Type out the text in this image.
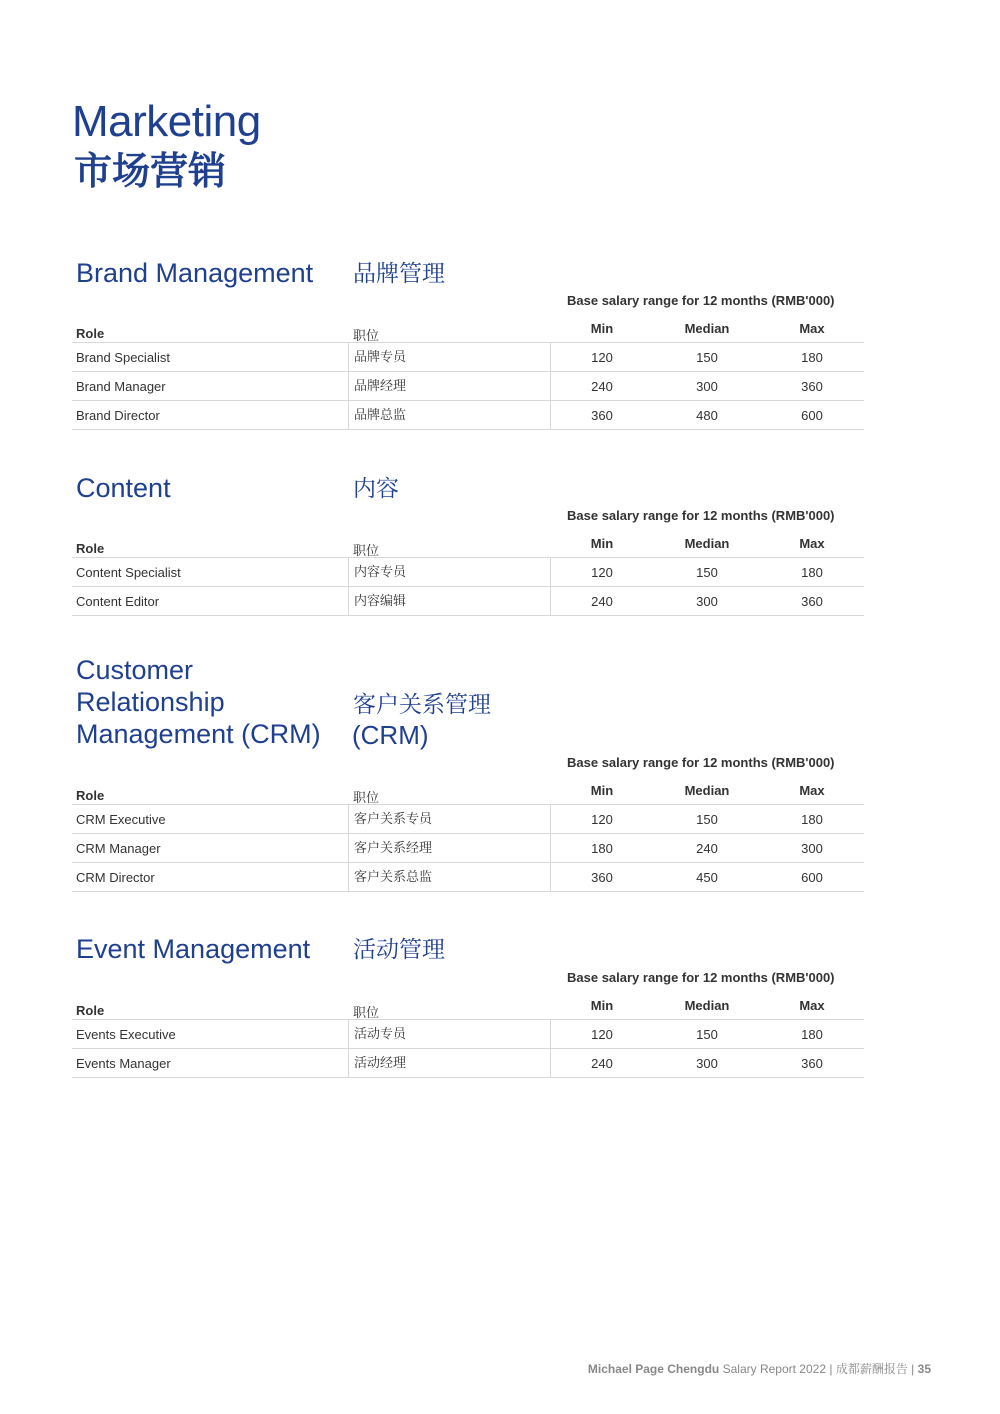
Marketing
市场营销
Brand Management 品牌管理
Base salary range for 12 months (RMB'000)
Role	职位	Min	Median	Max
Brand Specialist	品牌专员	120	150	180
Brand Manager	品牌经理	240	300	360
Brand Director	品牌总监	360	480	600
Content	内容
Base salary range for 12 months (RMB'000)
Role	职位	Min	Median	Max
Content Specialist	内容专员	120	150	180
Content Editor	内容编辑	240	300	360
Customer
Relationship
Management (CRM)
客户关系管理
(CRM)
Base salary range for 12 months (RMB'000)
Role	职位	Min	Median	Max
CRM Executive	客户关系专员	120	150	180
CRM Manager	客户关系经理	180	240	300
CRM Director	客户关系总监	360	450	600
Event Management 活动管理
Base salary range for 12 months (RMB'000)
Role	职位	Min	Median	Max
Events Executive	活动专员	120	150	180
Events Manager	活动经理	240	300	360
Michael Page Chengdu Salary Report 2022 | 成都薪酬报告 | 35
